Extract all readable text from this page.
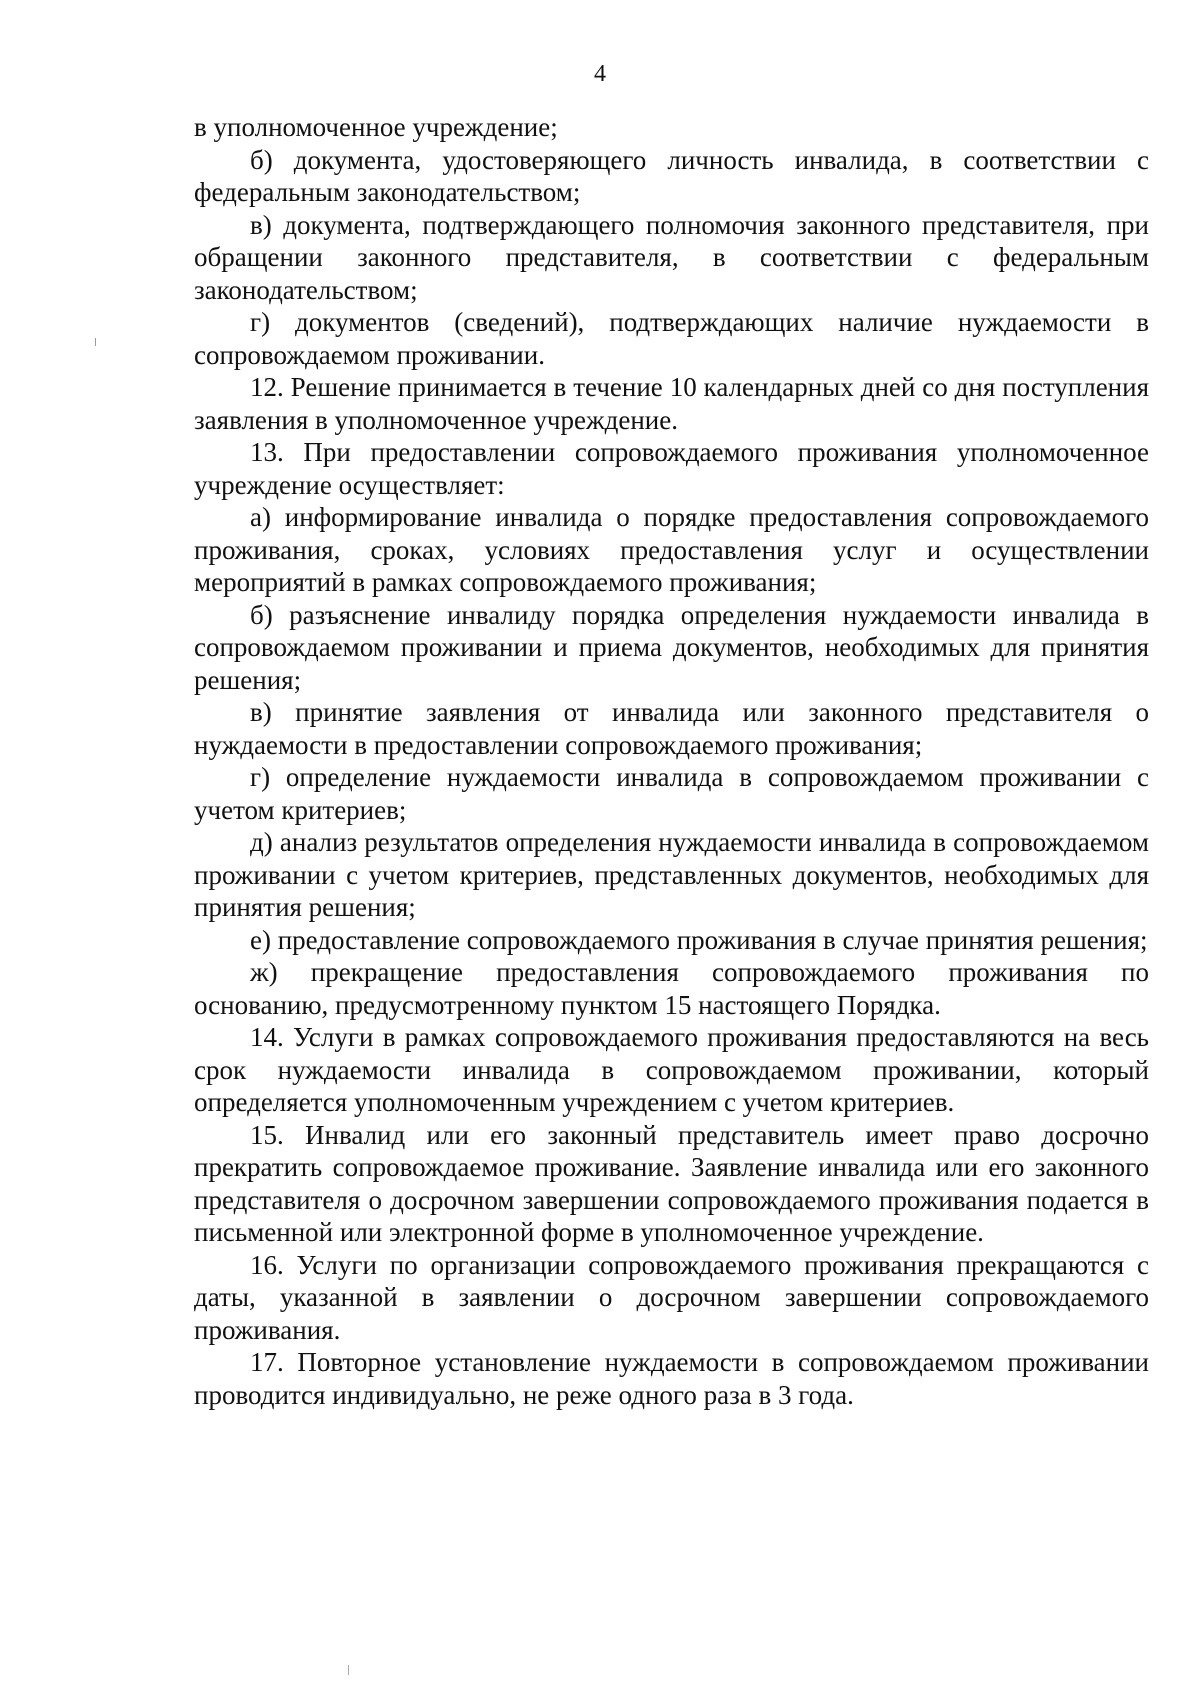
4

в уполномоченное учреждение;

б) документа, удостоверяющего личность инвалида, в соответствии с федеральным законодательством;

в) документа, подтверждающего полномочия законного представителя, при обращении законного представителя, в соответствии с федеральным законодательством;

г) документов (сведений), подтверждающих наличие нуждаемости в сопровождаемом проживании.

12. Решение принимается в течение 10 календарных дней со дня поступления заявления в уполномоченное учреждение.

13. При предоставлении сопровождаемого проживания уполномоченное учреждение осуществляет:

а) информирование инвалида о порядке предоставления сопровождаемого проживания, сроках, условиях предоставления услуг и осуществлении мероприятий в рамках сопровождаемого проживания;

б) разъяснение инвалиду порядка определения нуждаемости инвалида в сопровождаемом проживании и приема документов, необходимых для принятия решения;

в) принятие заявления от инвалида или законного представителя о нуждаемости в предоставлении сопровождаемого проживания;

г) определение нуждаемости инвалида в сопровождаемом проживании с учетом критериев;

д) анализ результатов определения нуждаемости инвалида в сопровождаемом проживании с учетом критериев, представленных документов, необходимых для принятия решения;

е) предоставление сопровождаемого проживания в случае принятия решения;

ж) прекращение предоставления сопровождаемого проживания по основанию, предусмотренному пунктом 15 настоящего Порядка.

14. Услуги в рамках сопровождаемого проживания предоставляются на весь срок нуждаемости инвалида в сопровождаемом проживании, который определяется уполномоченным учреждением с учетом критериев.

15. Инвалид или его законный представитель имеет право досрочно прекратить сопровождаемое проживание. Заявление инвалида или его законного представителя о досрочном завершении сопровождаемого проживания подается в письменной или электронной форме в уполномоченное учреждение.

16. Услуги по организации сопровождаемого проживания прекращаются с даты, указанной в заявлении о досрочном завершении сопровождаемого проживания.

17. Повторное установление нуждаемости в сопровождаемом проживании проводится индивидуально, не реже одного раза в 3 года.
